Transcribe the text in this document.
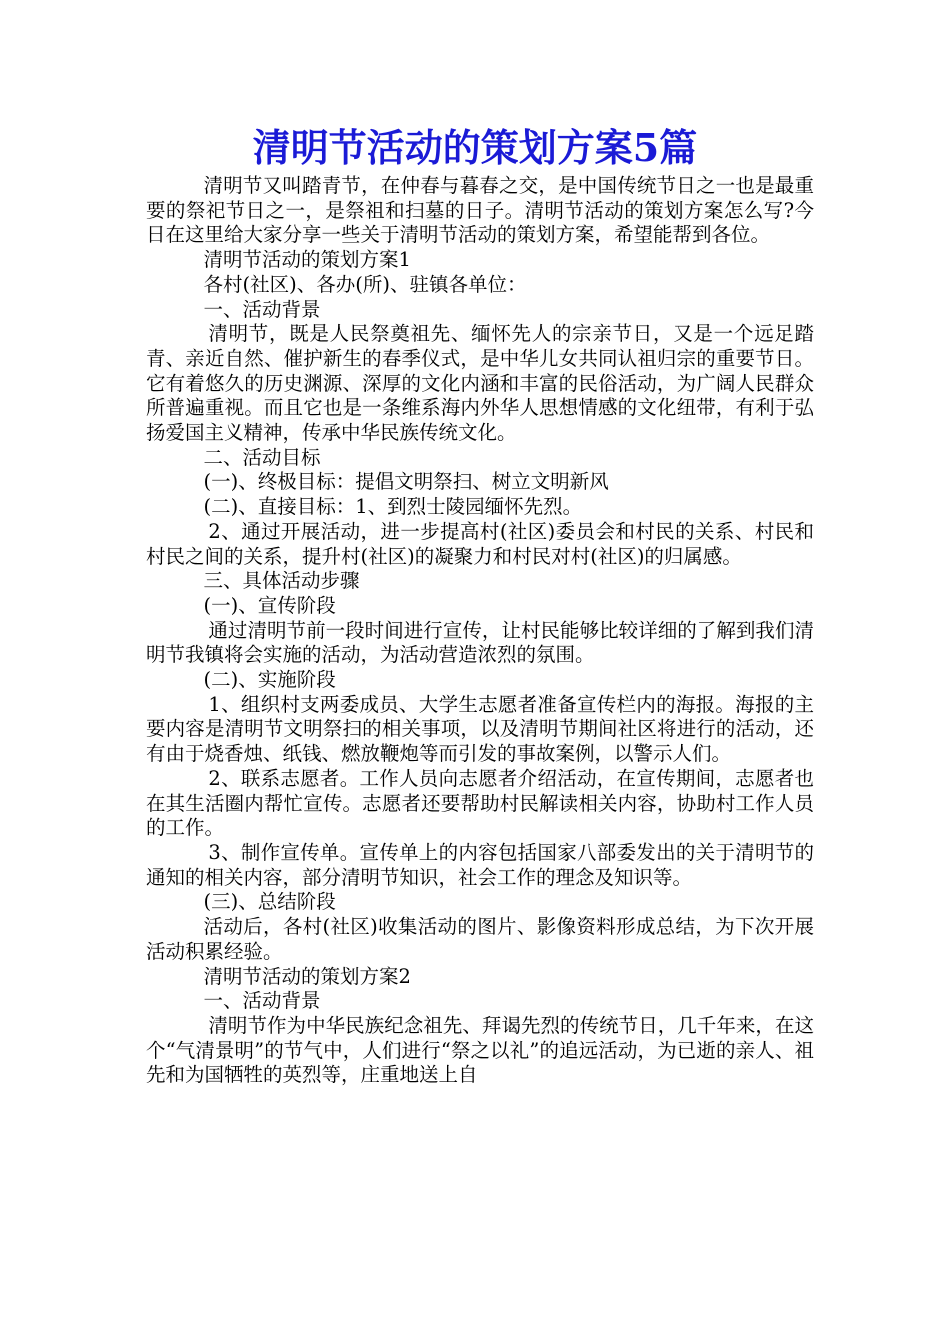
清明节活动的策划方案5篇

清明节又叫踏青节，在仲春与暮春之交，是中国传统节日之一也是最重要的祭祀节日之一，是祭祖和扫墓的日子。清明节活动的策划方案怎么写?今日在这里给大家分享一些关于清明节活动的策划方案，希望能帮到各位。

清明节活动的策划方案1

各村(社区)、各办(所)、驻镇各单位：

一、活动背景

清明节，既是人民祭奠祖先、缅怀先人的宗亲节日，又是一个远足踏青、亲近自然、催护新生的春季仪式，是中华儿女共同认祖归宗的重要节日。它有着悠久的历史渊源、深厚的文化内涵和丰富的民俗活动，为广阔人民群众所普遍重视。而且它也是一条维系海内外华人思想情感的文化纽带，有利于弘扬爱国主义精神，传承中华民族传统文化。

二、活动目标

(一)、终极目标：提倡文明祭扫、树立文明新风

(二)、直接目标：1、到烈士陵园缅怀先烈。

2、通过开展活动，进一步提高村(社区)委员会和村民的关系、村民和村民之间的关系，提升村(社区)的凝聚力和村民对村(社区)的归属感。

三、具体活动步骤

(一)、宣传阶段

通过清明节前一段时间进行宣传，让村民能够比较详细的了解到我们清明节我镇将会实施的活动，为活动营造浓烈的氛围。

(二)、实施阶段

1、组织村支两委成员、大学生志愿者准备宣传栏内的海报。海报的主要内容是清明节文明祭扫的相关事项，以及清明节期间社区将进行的活动，还有由于烧香烛、纸钱、燃放鞭炮等而引发的事故案例，以警示人们。

2、联系志愿者。工作人员向志愿者介绍活动，在宣传期间，志愿者也在其生活圈内帮忙宣传。志愿者还要帮助村民解读相关内容，协助村工作人员的工作。

3、制作宣传单。宣传单上的内容包括国家八部委发出的关于清明节的通知的相关内容，部分清明节知识，社会工作的理念及知识等。

(三)、总结阶段

活动后，各村(社区)收集活动的图片、影像资料形成总结，为下次开展活动积累经验。

清明节活动的策划方案2

一、活动背景

清明节作为中华民族纪念祖先、拜谒先烈的传统节日，几千年来，在这个“气清景明”的节气中，人们进行“祭之以礼”的追远活动，为已逝的亲人、祖先和为国牺牲的英烈等，庄重地送上自
